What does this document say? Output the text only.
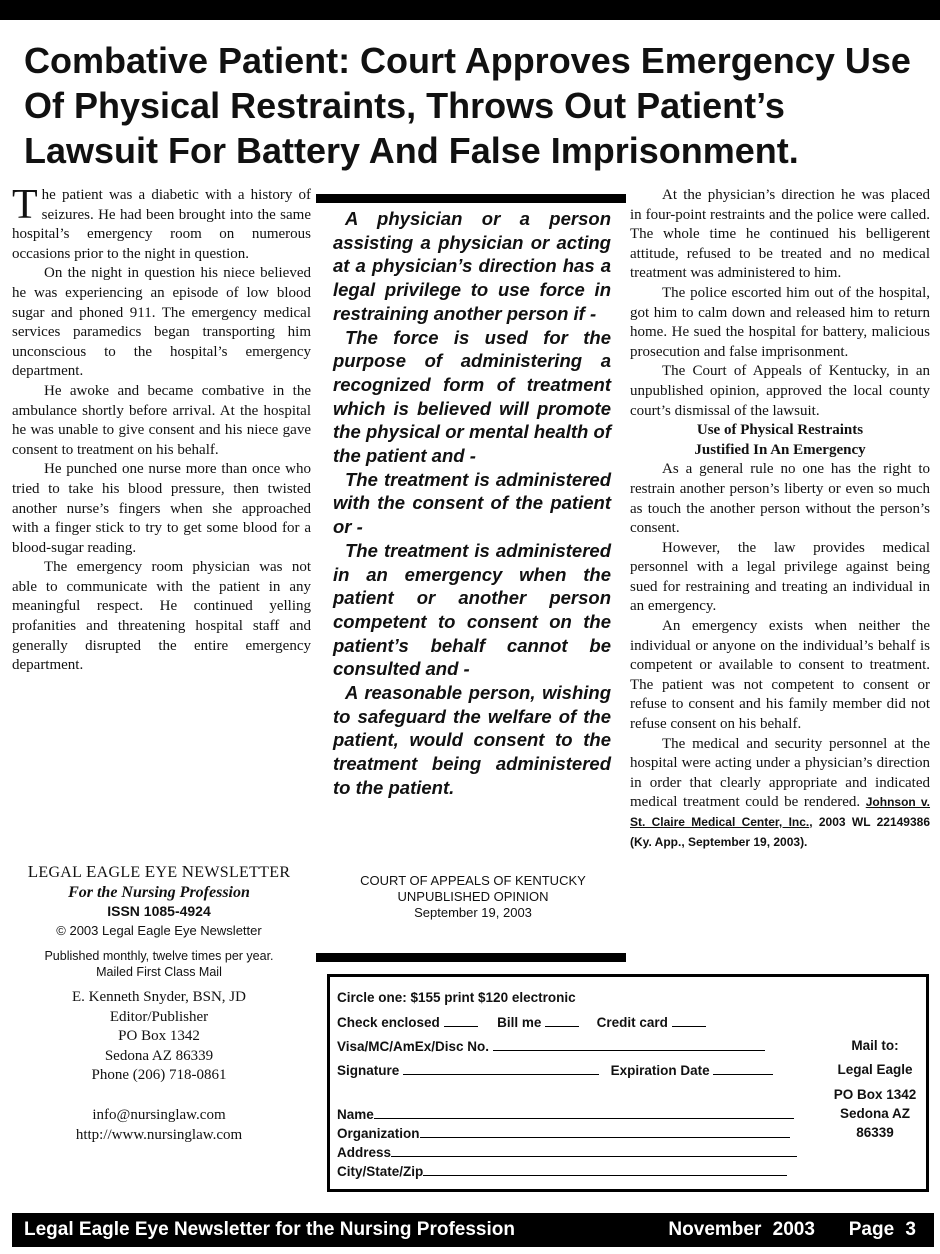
Combative Patient: Court Approves Emergency Use Of Physical Restraints, Throws Out Patient’s Lawsuit For Battery And False Imprisonment.

The patient was a diabetic with a history of seizures. He had been brought into the same hospital’s emergency room on numerous occasions prior to the night in question.

On the night in question his niece believed he was experiencing an episode of low blood sugar and phoned 911. The emergency medical services paramedics began transporting him unconscious to the hospital’s emergency department.

He awoke and became combative in the ambulance shortly before arrival. At the hospital he was unable to give consent and his niece gave consent to treatment on his behalf.

He punched one nurse more than once who tried to take his blood pressure, then twisted another nurse’s fingers when she approached with a finger stick to try to get some blood for a blood-sugar reading.

The emergency room physician was not able to communicate with the patient in any meaningful respect. He continued yelling profanities and threatening hospital staff and generally disrupted the entire emergency department.

A physician or a person assisting a physician or acting at a physician’s direction has a legal privilege to use force in restraining another person if -
The force is used for the purpose of administering a recognized form of treatment which is believed will promote the physical or mental health of the patient and -
The treatment is administered with the consent of the patient or -
The treatment is administered in an emergency when the patient or another person competent to consent on the patient’s behalf cannot be consulted and -
A reasonable person, wishing to safeguard the welfare of the patient, would consent to the treatment being administered to the patient.
COURT OF APPEALS OF KENTUCKY
UNPUBLISHED OPINION
September 19, 2003

At the physician’s direction he was placed in four-point restraints and the police were called. The whole time he continued his belligerent attitude, refused to be treated and no medical treatment was administered to him.

The police escorted him out of the hospital, got him to calm down and released him to return home. He sued the hospital for battery, malicious prosecution and false imprisonment.

The Court of Appeals of Kentucky, in an unpublished opinion, approved the local county court’s dismissal of the lawsuit.

Use of Physical Restraints

Justified In An Emergency

As a general rule no one has the right to restrain another person’s liberty or even so much as touch the another person without the person’s consent.

However, the law provides medical personnel with a legal privilege against being sued for restraining and treating an individual in an emergency.

An emergency exists when neither the individual or anyone on the individual’s behalf is competent or available to consent to treatment. The patient was not competent to consent or refuse to consent and his family member did not refuse consent on his behalf.

The medical and security personnel at the hospital were acting under a physician’s direction in order that clearly appropriate and indicated medical treatment could be rendered. Johnson v. St. Claire Medical Center, Inc., 2003 WL 22149386 (Ky. App., September 19, 2003).

LEGAL EAGLE EYE NEWSLETTER
For the Nursing Profession
ISSN 1085-4924
© 2003 Legal Eagle Eye Newsletter
Published monthly, twelve times per year.
Mailed First Class Mail
E. Kenneth Snyder, BSN, JD
Editor/Publisher
PO Box 1342
Sedona AZ 86339
Phone (206) 718-0861
info@nursinglaw.com
http://www.nursinglaw.com
Circle one: $155 print $120 electronic
Check enclosed	Bill me	Credit card
Visa/MC/AmEx/Disc No.
Signature	Expiration Date
Name
Organization
Address
City/State/Zip
Mail to:
Legal Eagle
PO Box 1342
Sedona AZ
86339
Legal Eagle Eye Newsletter for the Nursing Profession	November 2003 Page 3
